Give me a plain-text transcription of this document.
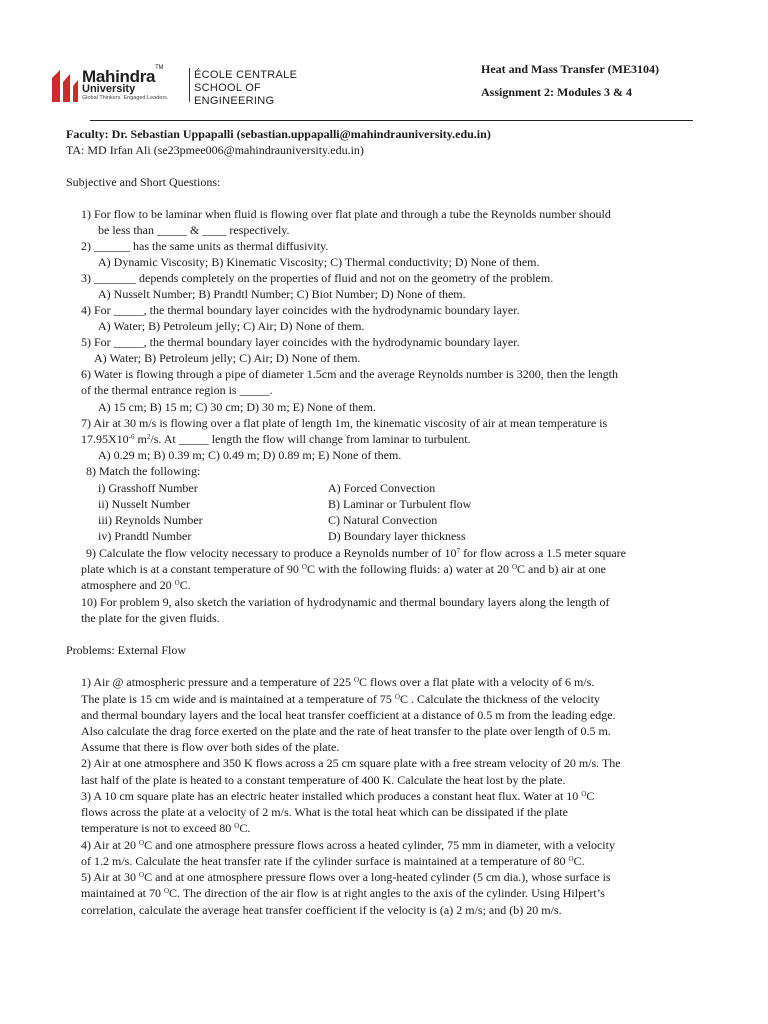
Mahindra™
University
Global Thinkers. Engaged Leaders.
ÉCOLE CENTRALE
SCHOOL OF ENGINEERING
Heat and Mass Transfer (ME3104)
Assignment 2: Modules 3 & 4
Faculty: Dr. Sebastian Uppapalli (sebastian.uppapalli@mahindrauniversity.edu.in)
TA: MD Irfan Ali (se23pmee006@mahindrauniversity.edu.in)
Subjective and Short Questions:
1) For flow to be laminar when fluid is flowing over flat plate and through a tube the Reynolds number should
be less than _____ & ____ respectively.
2) ______ has the same units as thermal diffusivity.
A) Dynamic Viscosity; B) Kinematic Viscosity; C) Thermal conductivity; D) None of them.
3) _______ depends completely on the properties of fluid and not on the geometry of the problem.
A) Nusselt Number; B) Prandtl Number; C) Biot Number; D) None of them.
4) For _____, the thermal boundary layer coincides with the hydrodynamic boundary layer.
A) Water; B) Petroleum jelly; C) Air; D) None of them.
5) For _____, the thermal boundary layer coincides with the hydrodynamic boundary layer.
A) Water; B) Petroleum jelly; C) Air; D) None of them.
6) Water is flowing through a pipe of diameter 1.5cm and the average Reynolds number is 3200, then the length
of the thermal entrance region is _____.
A) 15 cm; B) 15 m; C) 30 cm; D) 30 m; E) None of them.
7) Air at 30 m/s is flowing over a flat plate of length 1m, the kinematic viscosity of air at mean temperature is
$17.95X10^{-6}$ $m^2/s$. At _____ length the flow will change from laminar to turbulent.
A) 0.29 m; B) 0.39 m; C) 0.49 m; D) 0.89 m; E) None of them.
8) Match the following:
i) Grasshoff Number
ii) Nusselt Number
iii) Reynolds Number
iv) Prandtl Number
A) Forced Convection
B) Laminar or Turbulent flow
C) Natural Convection
D) Boundary layer thickness
9) Calculate the flow velocity necessary to produce a Reynolds number of $10^7$ for flow across a 1.5 meter square
plate which is at a constant temperature of 90 $^O$C with the following fluids: a) water at 20 $^O$C and b) air at one
atmosphere and 20 $^O$C.
10) For problem 9, also sketch the variation of hydrodynamic and thermal boundary layers along the length of
the plate for the given fluids.
Problems: External Flow
1) Air @ atmospheric pressure and a temperature of 225 $^O$C flows over a flat plate with a velocity of 6 m/s.
The plate is 15 cm wide and is maintained at a temperature of 75 $^O$C . Calculate the thickness of the velocity
and thermal boundary layers and the local heat transfer coefficient at a distance of 0.5 m from the leading edge.
Also calculate the drag force exerted on the plate and the rate of heat transfer to the plate over length of 0.5 m.
Assume that there is flow over both sides of the plate.
2) Air at one atmosphere and 350 K flows across a 25 cm square plate with a free stream velocity of 20 m/s. The
last half of the plate is heated to a constant temperature of 400 K. Calculate the heat lost by the plate.
3) A 10 cm square plate has an electric heater installed which produces a constant heat flux. Water at 10 $^O$C
flows across the plate at a velocity of 2 m/s. What is the total heat which can be dissipated if the plate
temperature is not to exceed 80 $^O$C.
4) Air at 20 $^O$C and one atmosphere pressure flows across a heated cylinder, 75 mm in diameter, with a velocity
of 1.2 m/s. Calculate the heat transfer rate if the cylinder surface is maintained at a temperature of 80 $^O$C.
5) Air at 30 $^O$C and at one atmosphere pressure flows over a long-heated cylinder (5 cm dia.), whose surface is
maintained at 70 $^O$C. The direction of the air flow is at right angles to the axis of the cylinder. Using Hilpert’s
correlation, calculate the average heat transfer coefficient if the velocity is (a) 2 m/s; and (b) 20 m/s.
